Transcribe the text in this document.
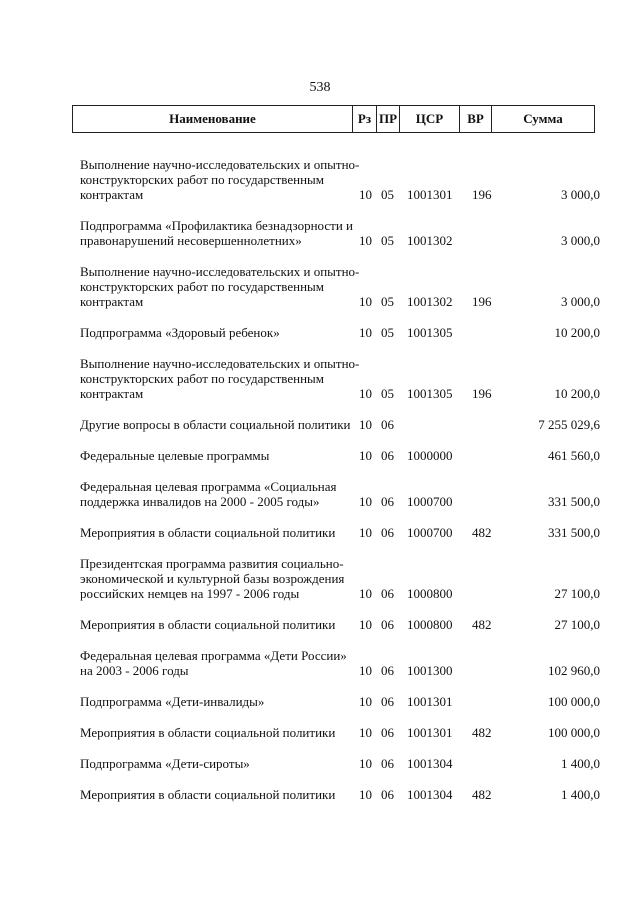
538
Наименование	Рз ПР	ЦСР	ВР	Сумма
Выполнение научно-исследовательских и опытно-конструкторских работ по государственным контрактам	10 05 1001301 196	3 000,0
Подпрограмма «Профилактика безнадзорности и правонарушений несовершеннолетних»	10 05 1001302	3 000,0
Выполнение научно-исследовательских и опытно-конструкторских работ по государственным контрактам	10 05 1001302 196	3 000,0
Подпрограмма «Здоровый ребенок»	10 05 1001305	10 200,0
Выполнение научно-исследовательских и опытно-конструкторских работ по государственным контрактам	10 05 1001305 196	10 200,0
Другие вопросы в области социальной политики 10 06	7 255 029,6
Федеральные целевые программы	10 06 1000000	461 560,0
Федеральная целевая программа «Социальная поддержка инвалидов на 2000 - 2005 годы»	10 06 1000700	331 500,0
Мероприятия в области социальной политики	10 06 1000700 482	331 500,0
Президентская программа развития социально-экономической и культурной базы возрождения российских немцев на 1997 - 2006 годы	10 06 1000800	27 100,0
Мероприятия в области социальной политики	10 06 1000800 482	27 100,0
Федеральная целевая программа «Дети России» на 2003 - 2006 годы	10 06 1001300	102 960,0
Подпрограмма «Дети-инвалиды»	10 06 1001301	100 000,0
Мероприятия в области социальной политики	10 06 1001301 482	100 000,0
Подпрограмма «Дети-сироты»	10 06 1001304	1 400,0
Мероприятия в области социальной политики	10 06 1001304 482	1 400,0
